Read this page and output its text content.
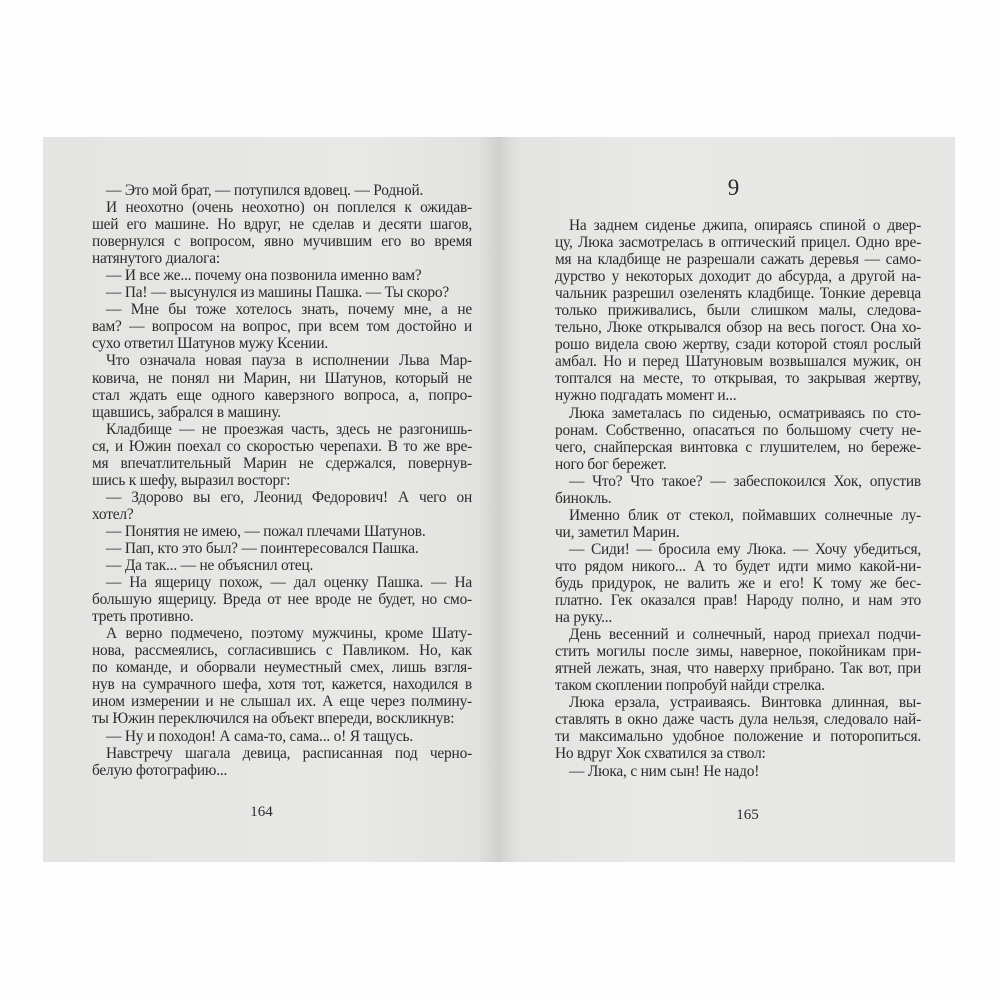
— Это мой брат, — потупился вдовец. — Родной.
И неохотно (очень неохотно) он поплелся к ожидав-
шей его машине. Но вдруг, не сделав и десяти шагов,
повернулся с вопросом, явно мучившим его во время
натянутого диалога:
— И все же... почему она позвонила именно вам?
— Па! — высунулся из машины Пашка. — Ты скоро?
— Мне бы тоже хотелось знать, почему мне, а не
вам? — вопросом на вопрос, при всем том достойно и
сухо ответил Шатунов мужу Ксении.
Что означала новая пауза в исполнении Льва Мар-
ковича, не понял ни Марин, ни Шатунов, который не
стал ждать еще одного каверзного вопроса, а, попро-
щавшись, забрался в машину.
Кладбище — не проезжая часть, здесь не разгонишь-
ся, и Южин поехал со скоростью черепахи. В то же вре-
мя впечатлительный Марин не сдержался, повернув-
шись к шефу, выразил восторг:
— Здорово вы его, Леонид Федорович! А чего он
хотел?
— Понятия не имею, — пожал плечами Шатунов.
— Пап, кто это был? — поинтересовался Пашка.
— Да так... — не объяснил отец.
— На ящерицу похож, — дал оценку Пашка. — На
большую ящерицу. Вреда от нее вроде не будет, но смо-
треть противно.
А верно подмечено, поэтому мужчины, кроме Шату-
нова, рассмеялись, согласившись с Павликом. Но, как
по команде, и оборвали неуместный смех, лишь взгля-
нув на сумрачного шефа, хотя тот, кажется, находился в
ином измерении и не слышал их. А еще через полмину-
ты Южин переключился на объект впереди, воскликнув:
— Ну и походон! А сама-то, сама... о! Я тащусь.
Навстречу шагала девица, расписанная под черно-
белую фотографию...
164
9
На заднем сиденье джипа, опираясь спиной о двер-
цу, Люка засмотрелась в оптический прицел. Одно вре-
мя на кладбище не разрешали сажать деревья — само-
дурство у некоторых доходит до абсурда, а другой на-
чальник разрешил озеленять кладбище. Тонкие деревца
только приживались, были слишком малы, следова-
тельно, Люке открывался обзор на весь погост. Она хо-
рошо видела свою жертву, сзади которой стоял рослый
амбал. Но и перед Шатуновым возвышался мужик, он
топтался на месте, то открывая, то закрывая жертву,
нужно подгадать момент и...
Люка заметалась по сиденью, осматриваясь по сто-
ронам. Собственно, опасаться по большому счету не-
чего, снайперская винтовка с глушителем, но береже-
ного бог бережет.
— Что? Что такое? — забеспокоился Хок, опустив
бинокль.
Именно блик от стекол, поймавших солнечные лу-
чи, заметил Марин.
— Сиди! — бросила ему Люка. — Хочу убедиться,
что рядом никого... А то будет идти мимо какой-ни-
будь придурок, не валить же и его! К тому же бес-
платно. Гек оказался прав! Народу полно, и нам это
на руку...
День весенний и солнечный, народ приехал подчи-
стить могилы после зимы, наверное, покойникам при-
ятней лежать, зная, что наверху прибрано. Так вот, при
таком скоплении попробуй найди стрелка.
Люка ерзала, устраиваясь. Винтовка длинная, вы-
ставлять в окно даже часть дула нельзя, следовало най-
ти максимально удобное положение и поторопиться.
Но вдруг Хок схватился за ствол:
— Люка, с ним сын! Не надо!
165
